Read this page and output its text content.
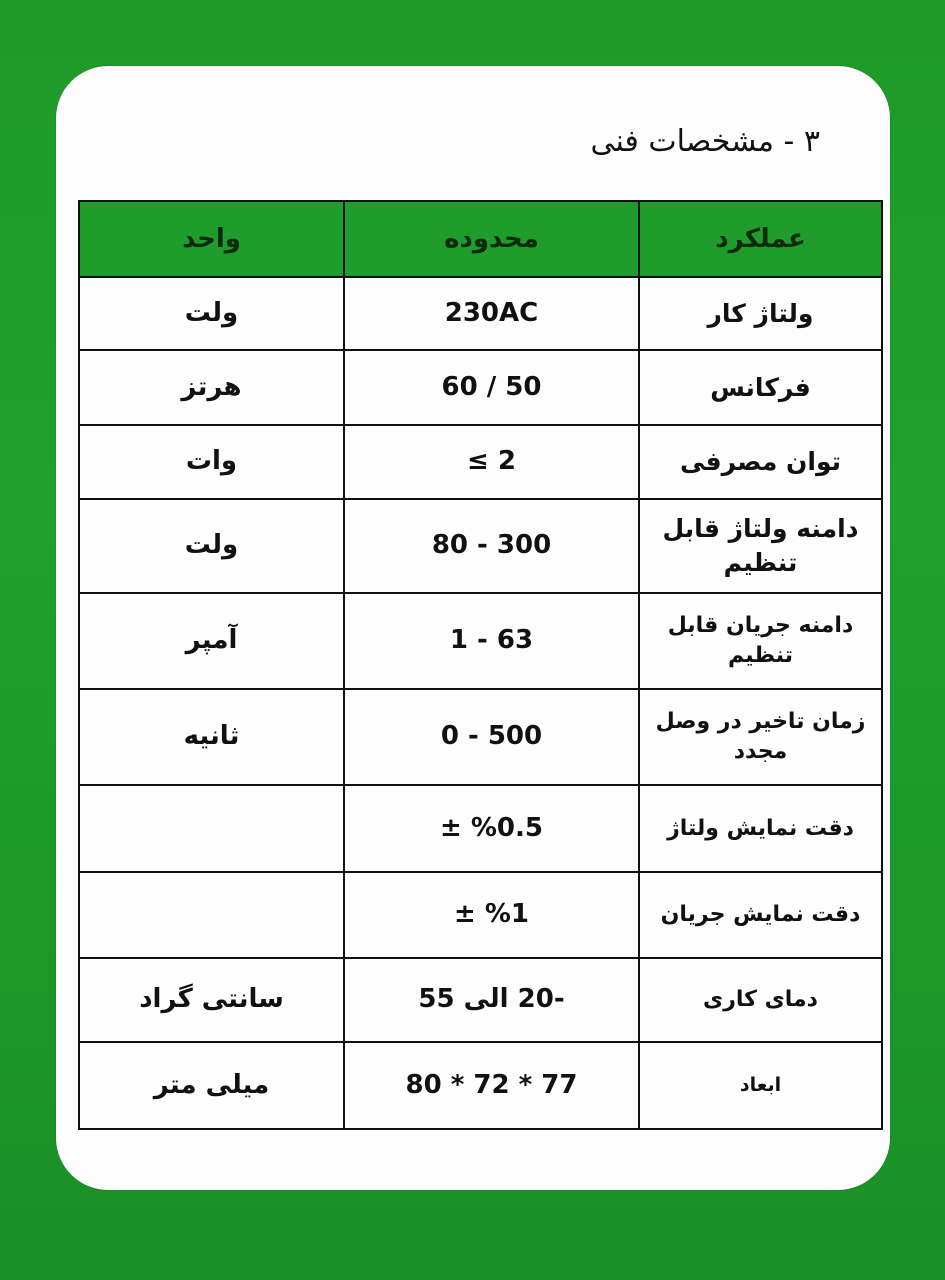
۳ - مشخصات فنی
عملکرد	محدوده	واحد
ولتاژ کار	230AC	ولت
فرکانس	60 / 50	هرتز
توان مصرفی	≤ 2	وات
دامنه ولتاژ قابل تنظیم	80 - 300	ولت
دامنه جریان قابل تنظیم	1 - 63	آمپر
زمان تاخیر در وصل مجدد	0 - 500	ثانیه
دقت نمایش ولتاژ	± %0.5	
دقت نمایش جریان	± %1	
دمای کاری	-20 الی 55	سانتی گراد
ابعاد	80 * 72 * 77	میلی متر
